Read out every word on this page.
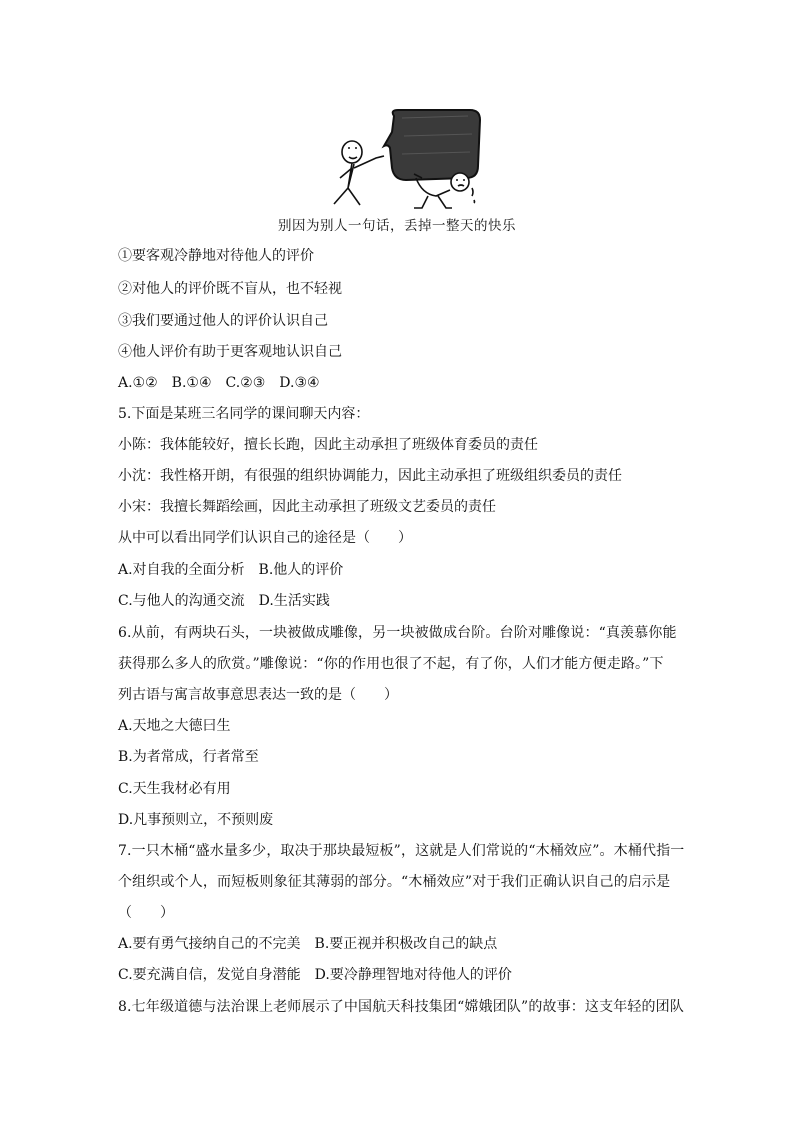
别因为别人一句话，丢掉一整天的快乐
①要客观冷静地对待他人的评价
②对他人的评价既不盲从，也不轻视
③我们要通过他人的评价认识自己
④他人评价有助于更客观地认识自己
A.①②　B.①④　C.②③　D.③④
5.下面是某班三名同学的课间聊天内容：
小陈：我体能较好，擅长长跑，因此主动承担了班级体育委员的责任
小沈：我性格开朗，有很强的组织协调能力，因此主动承担了班级组织委员的责任
小宋：我擅长舞蹈绘画，因此主动承担了班级文艺委员的责任
从中可以看出同学们认识自己的途径是（　　）
A.对自我的全面分析　B.他人的评价
C.与他人的沟通交流　D.生活实践
6.从前，有两块石头，一块被做成雕像，另一块被做成台阶。台阶对雕像说：“真羡慕你能
获得那么多人的欣赏。”雕像说：“你的作用也很了不起，有了你，人们才能方便走路。”下
列古语与寓言故事意思表达一致的是（　　）
A.天地之大德曰生
B.为者常成，行者常至
C.天生我材必有用
D.凡事预则立，不预则废
7.一只木桶“盛水量多少，取决于那块最短板”，这就是人们常说的“木桶效应”。木桶代指一
个组织或个人，而短板则象征其薄弱的部分。“木桶效应”对于我们正确认识自己的启示是
（　　）
A.要有勇气接纳自己的不完美　B.要正视并积极改自己的缺点
C.要充满自信，发觉自身潜能　D.要冷静理智地对待他人的评价
8.七年级道德与法治课上老师展示了中国航天科技集团“嫦娥团队”的故事：这支年轻的团队
